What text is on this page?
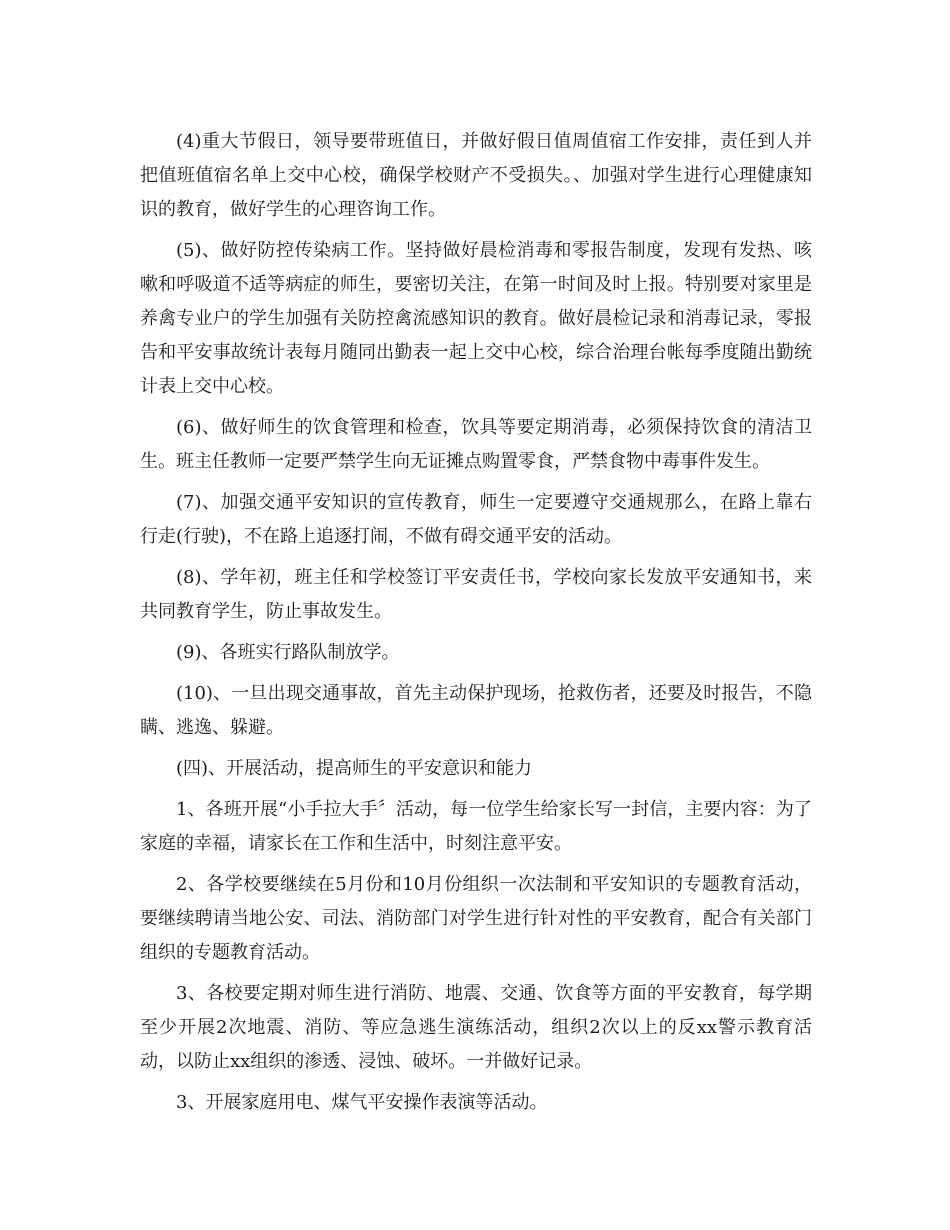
(4)重大节假日，领导要带班值日，并做好假日值周值宿工作安排，责任到人并把值班值宿名单上交中心校，确保学校财产不受损失。、加强对学生进行心理健康知识的教育，做好学生的心理咨询工作。

(5)、做好防控传染病工作。坚持做好晨检消毒和零报告制度，发现有发热、咳嗽和呼吸道不适等病症的师生，要密切关注，在第一时间及时上报。特别要对家里是养禽专业户的学生加强有关防控禽流感知识的教育。做好晨检记录和消毒记录，零报告和平安事故统计表每月随同出勤表一起上交中心校，综合治理台帐每季度随出勤统计表上交中心校。

(6)、做好师生的饮食管理和检查，饮具等要定期消毒，必须保持饮食的清洁卫生。班主任教师一定要严禁学生向无证摊点购置零食，严禁食物中毒事件发生。

(7)、加强交通平安知识的宣传教育，师生一定要遵守交通规那么，在路上靠右行走(行驶)，不在路上追逐打闹，不做有碍交通平安的活动。

(8)、学年初，班主任和学校签订平安责任书，学校向家长发放平安通知书，来共同教育学生，防止事故发生。

(9)、各班实行路队制放学。

(10)、一旦出现交通事故，首先主动保护现场，抢救伤者，还要及时报告，不隐瞒、逃逸、躲避。

(四)、开展活动，提高师生的平安意识和能力

1、各班开展“小手拉大手〞活动，每一位学生给家长写一封信，主要内容：为了家庭的幸福，请家长在工作和生活中，时刻注意平安。

2、各学校要继续在5月份和10月份组织一次法制和平安知识的专题教育活动，要继续聘请当地公安、司法、消防部门对学生进行针对性的平安教育，配合有关部门组织的专题教育活动。

3、各校要定期对师生进行消防、地震、交通、饮食等方面的平安教育，每学期至少开展2次地震、消防、等应急逃生演练活动，组织2次以上的反xx警示教育活动，以防止xx组织的渗透、浸蚀、破坏。一并做好记录。

3、开展家庭用电、煤气平安操作表演等活动。
